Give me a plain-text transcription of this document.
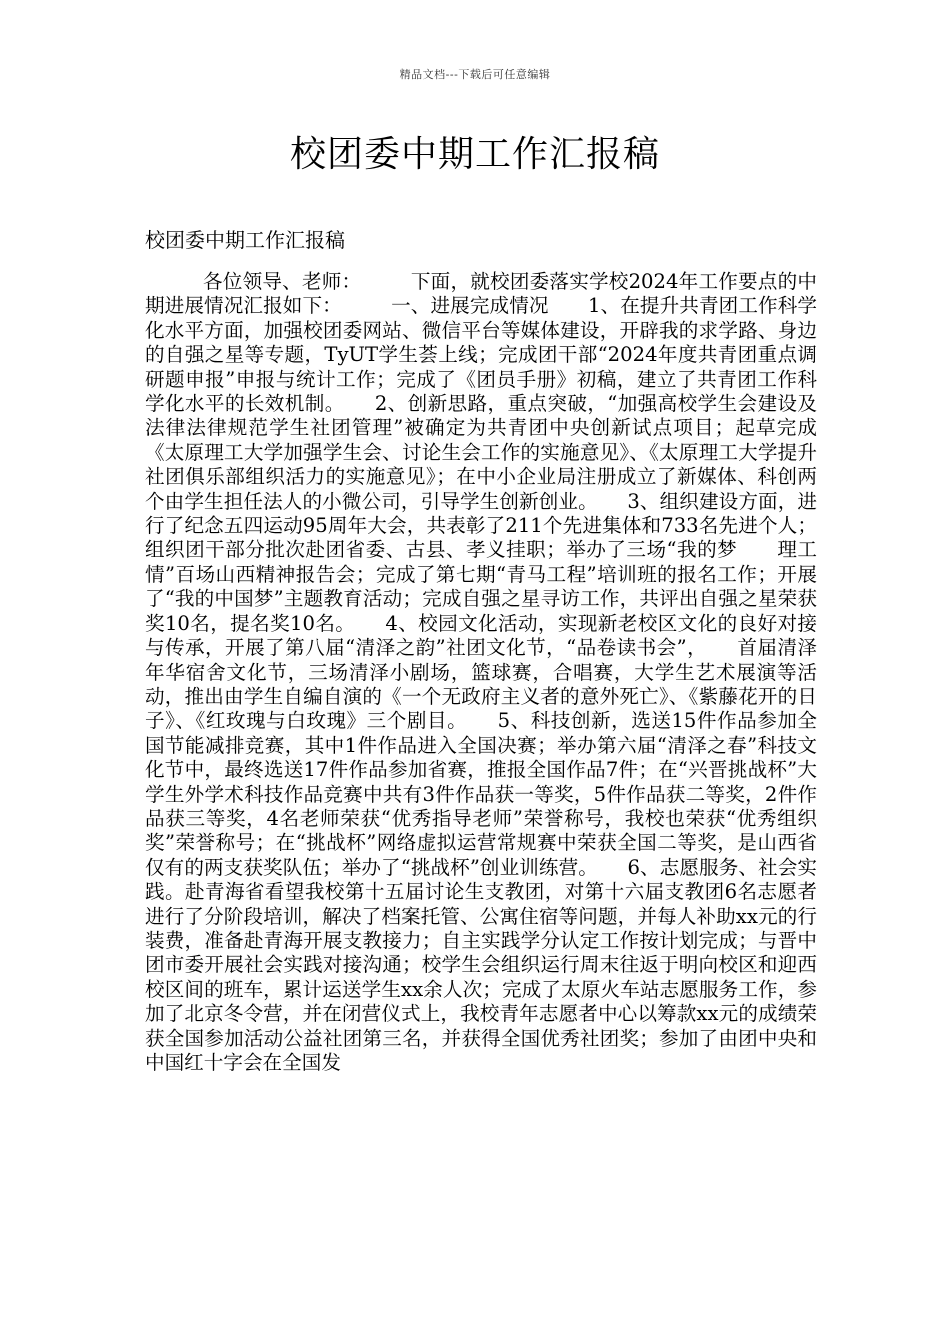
精品文档---下载后可任意编辑
校团委中期工作汇报稿
校团委中期工作汇报稿

各位领导、老师：　　　下面，就校团委落实学校2024年工作要点的中期进展情况汇报如下：　　　一、进展完成情况　　1、在提升共青团工作科学化水平方面，加强校团委网站、微信平台等媒体建设，开辟我的求学路、身边的自强之星等专题，TyUT学生荟上线；完成团干部“2024年度共青团重点调研题申报”申报与统计工作；完成了《团员手册》初稿，建立了共青团工作科学化水平的长效机制。　　2、创新思路，重点突破，“加强高校学生会建设及法律法律规范学生社团管理”被确定为共青团中央创新试点项目；起草完成《太原理工大学加强学生会、讨论生会工作的实施意见》、《太原理工大学提升社团俱乐部组织活力的实施意见》；在中小企业局注册成立了新媒体、科创两个由学生担任法人的小微公司，引导学生创新创业。　　3、组织建设方面，进行了纪念五四运动95周年大会，共表彰了211个先进集体和733名先进个人；组织团干部分批次赴团省委、古县、孝义挂职；举办了三场“我的梦　　理工情”百场山西精神报告会；完成了第七期“青马工程”培训班的报名工作；开展了“我的中国梦”主题教育活动；完成自强之星寻访工作，共评出自强之星荣获奖10名，提名奖10名。　　4、校园文化活动，实现新老校区文化的良好对接与传承，开展了第八届“清泽之韵”社团文化节，“品卷读书会”，　　首届清泽年华宿舍文化节，三场清泽小剧场，篮球赛，合唱赛，大学生艺术展演等活动，推出由学生自编自演的《一个无政府主义者的意外死亡》、《紫藤花开的日子》、《红玫瑰与白玫瑰》三个剧目。　　5、科技创新，选送15件作品参加全国节能减排竞赛，其中1件作品进入全国决赛；举办第六届“清泽之春”科技文化节中，最终选送17件作品参加省赛，推报全国作品7件；在“兴晋挑战杯”大学生外学术科技作品竞赛中共有3件作品获一等奖，5件作品获二等奖，2件作品获三等奖，4名老师荣获“优秀指导老师”荣誉称号，我校也荣获“优秀组织奖”荣誉称号；在“挑战杯”网络虚拟运营常规赛中荣获全国二等奖，是山西省仅有的两支获奖队伍；举办了“挑战杯”创业训练营。　　6、志愿服务、社会实践。赴青海省看望我校第十五届讨论生支教团，对第十六届支教团6名志愿者进行了分阶段培训，解决了档案托管、公寓住宿等问题，并每人补助xx元的行装费，准备赴青海开展支教接力；自主实践学分认定工作按计划完成；与晋中团市委开展社会实践对接沟通；校学生会组织运行周末往返于明向校区和迎西校区间的班车，累计运送学生xx余人次；完成了太原火车站志愿服务工作，参加了北京冬令营，并在闭营仪式上，我校青年志愿者中心以筹款xx元的成绩荣获全国参加活动公益社团第三名，并获得全国优秀社团奖；参加了由团中央和中国红十字会在全国发
